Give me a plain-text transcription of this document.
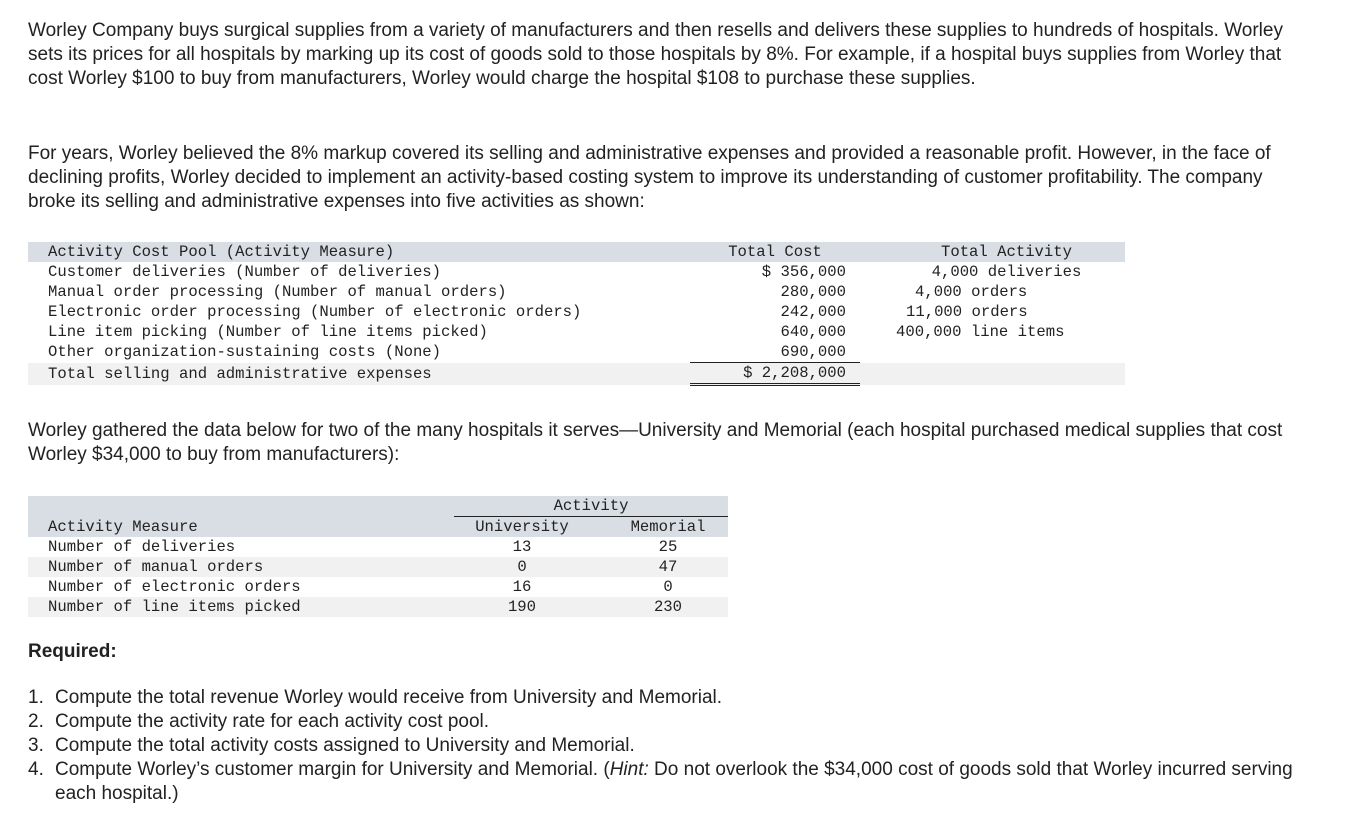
Worley Company buys surgical supplies from a variety of manufacturers and then resells and delivers these supplies to hundreds of hospitals. Worley sets its prices for all hospitals by marking up its cost of goods sold to those hospitals by 8%. For example, if a hospital buys supplies from Worley that cost Worley $100 to buy from manufacturers, Worley would charge the hospital $108 to purchase these supplies.

For years, Worley believed the 8% markup covered its selling and administrative expenses and provided a reasonable profit. However, in the face of declining profits, Worley decided to implement an activity-based costing system to improve its understanding of customer profitability. The company broke its selling and administrative expenses into five activities as shown:

Activity Cost Pool (Activity Measure)	Total Cost		Total Activity
Customer deliveries (Number of deliveries)	$ 356,000		4,000 deliveries
Manual order processing (Number of manual orders)	280,000		4,000 orders
Electronic order processing (Number of electronic orders)	242,000		11,000 orders
Line item picking (Number of line items picked)	640,000		400,000 line items
Other organization-sustaining costs (None)	690,000		
Total selling and administrative expenses	$ 2,208,000		

Worley gathered the data below for two of the many hospitals it serves—University and Memorial (each hospital purchased medical supplies that cost Worley $34,000 to buy from manufacturers):

	Activity	
Activity Measure	University	Memorial
Number of deliveries	13	25
Number of manual orders	0	47
Number of electronic orders	16	0
Number of line items picked	190	230

Required:

1. Compute the total revenue Worley would receive from University and Memorial.
2. Compute the activity rate for each activity cost pool.
3. Compute the total activity costs assigned to University and Memorial.
4. Compute Worley’s customer margin for University and Memorial. (Hint: Do not overlook the $34,000 cost of goods sold that Worley incurred serving each hospital.)
